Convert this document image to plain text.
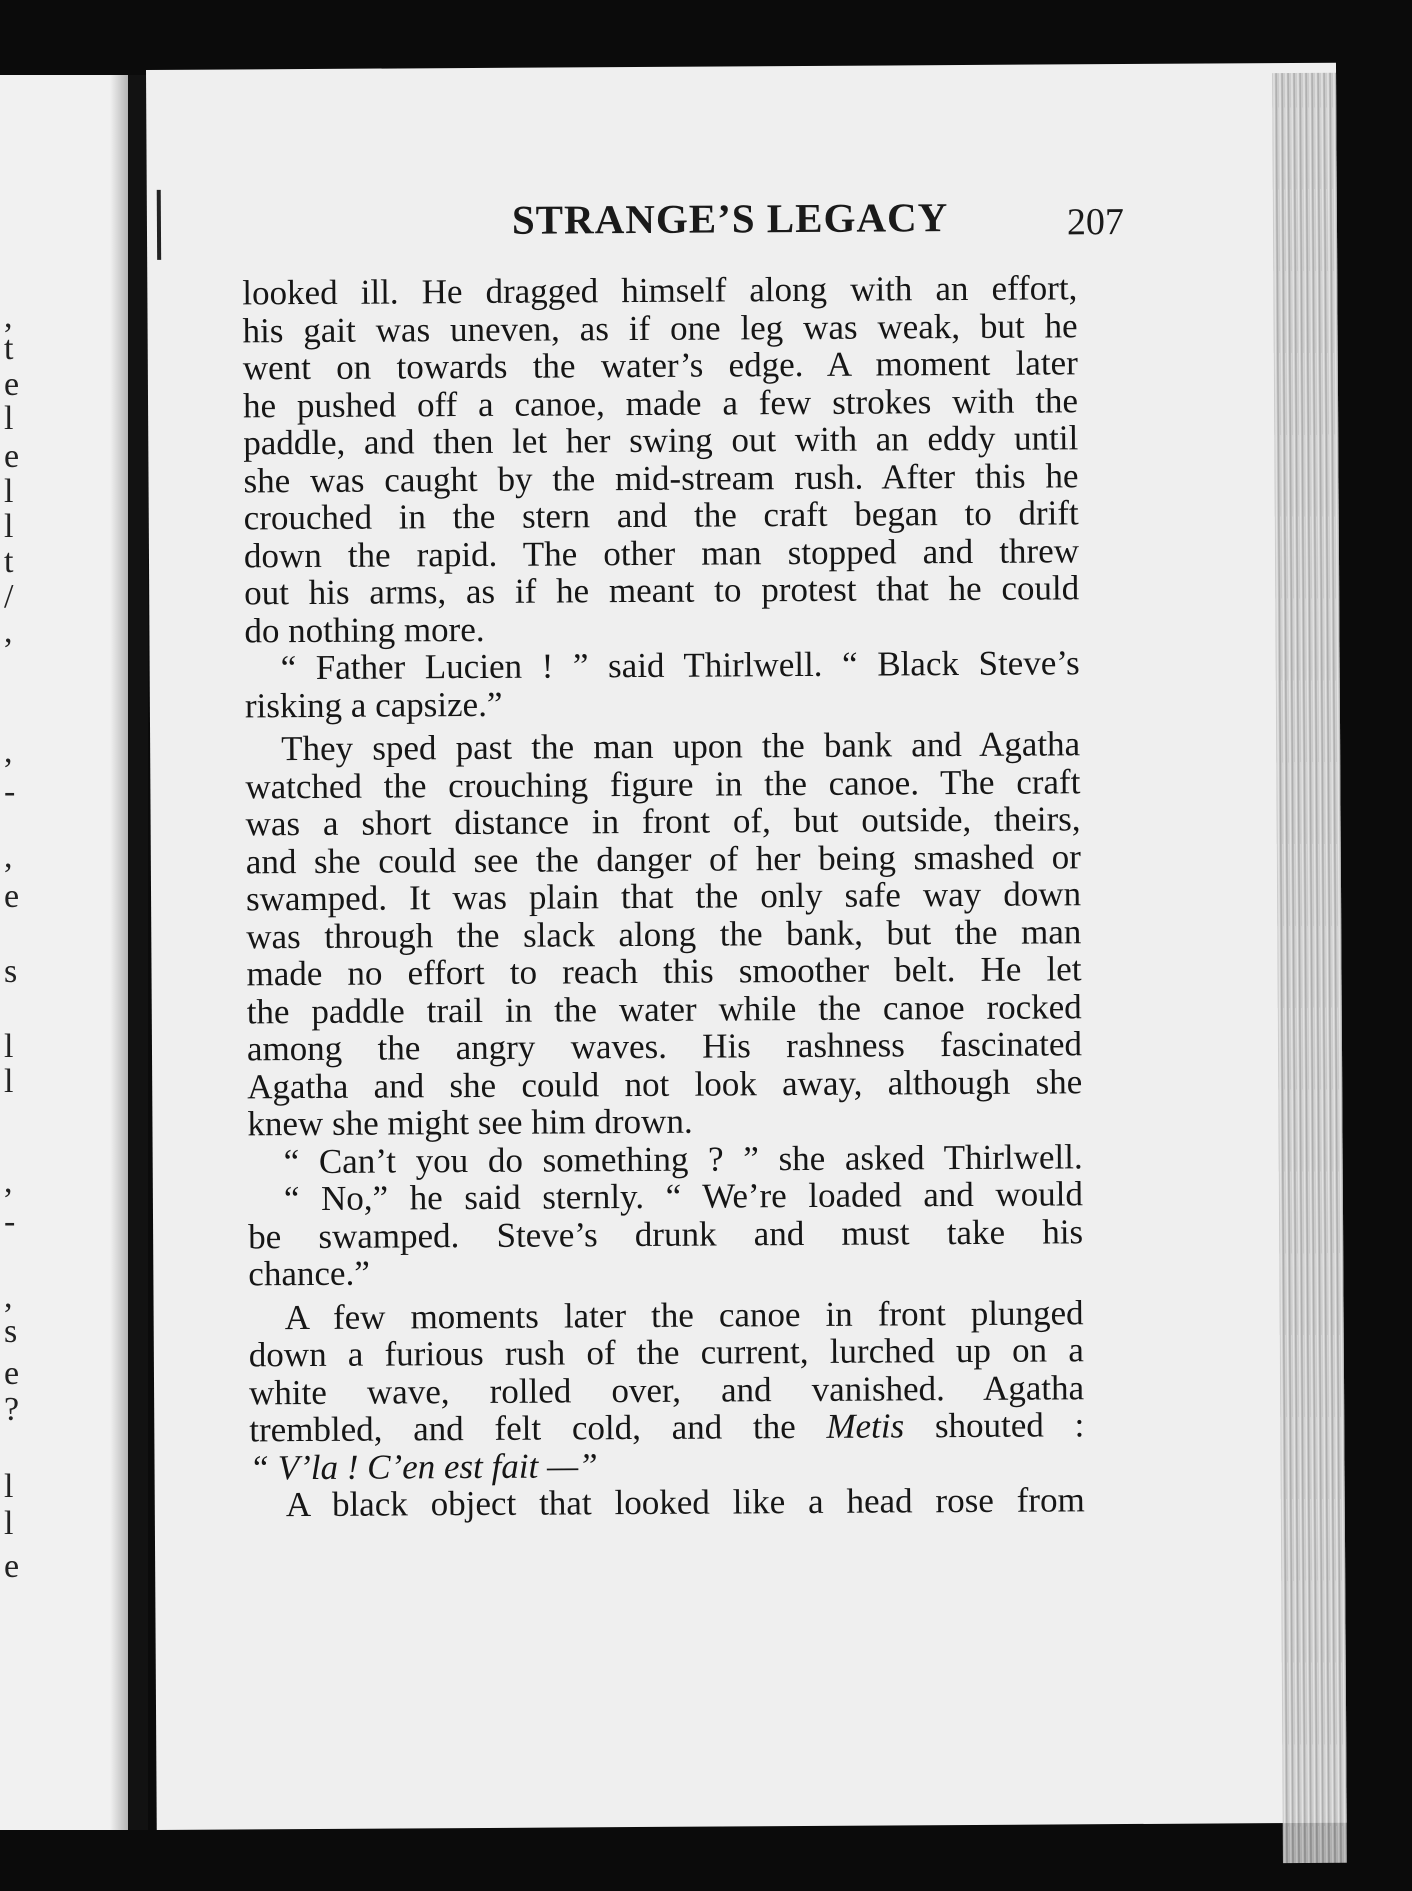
,
t
e
l
e
l
l
t
/
,
,
-
,
e
s
l
l
,
-
,
s
e
?
l
l
e
STRANGE’S LEGACY	207
looked ill. He dragged himself along with an effort,
his gait was uneven, as if one leg was weak, but he
went on towards the water’s edge. A moment later
he pushed off a canoe, made a few strokes with the
paddle, and then let her swing out with an eddy until
she was caught by the mid-stream rush. After this he
crouched in the stern and the craft began to drift
down the rapid. The other man stopped and threw
out his arms, as if he meant to protest that he could
do nothing more.
“ Father Lucien ! ” said Thirlwell. “ Black Steve’s
risking a capsize.”
They sped past the man upon the bank and Agatha
watched the crouching figure in the canoe. The craft
was a short distance in front of, but outside, theirs,
and she could see the danger of her being smashed or
swamped. It was plain that the only safe way down
was through the slack along the bank, but the man
made no effort to reach this smoother belt. He let
the paddle trail in the water while the canoe rocked
among the angry waves. His rashness fascinated
Agatha and she could not look away, although she
knew she might see him drown.
“ Can’t you do something ? ” she asked Thirlwell.
“ No,” he said sternly. “ We’re loaded and would
be swamped. Steve’s drunk and must take his
chance.”
A few moments later the canoe in front plunged
down a furious rush of the current, lurched up on a
white wave, rolled over, and vanished. Agatha
trembled, and felt cold, and the Metis shouted :
“ V’la ! C’en est fait —”
A black object that looked like a head rose from
